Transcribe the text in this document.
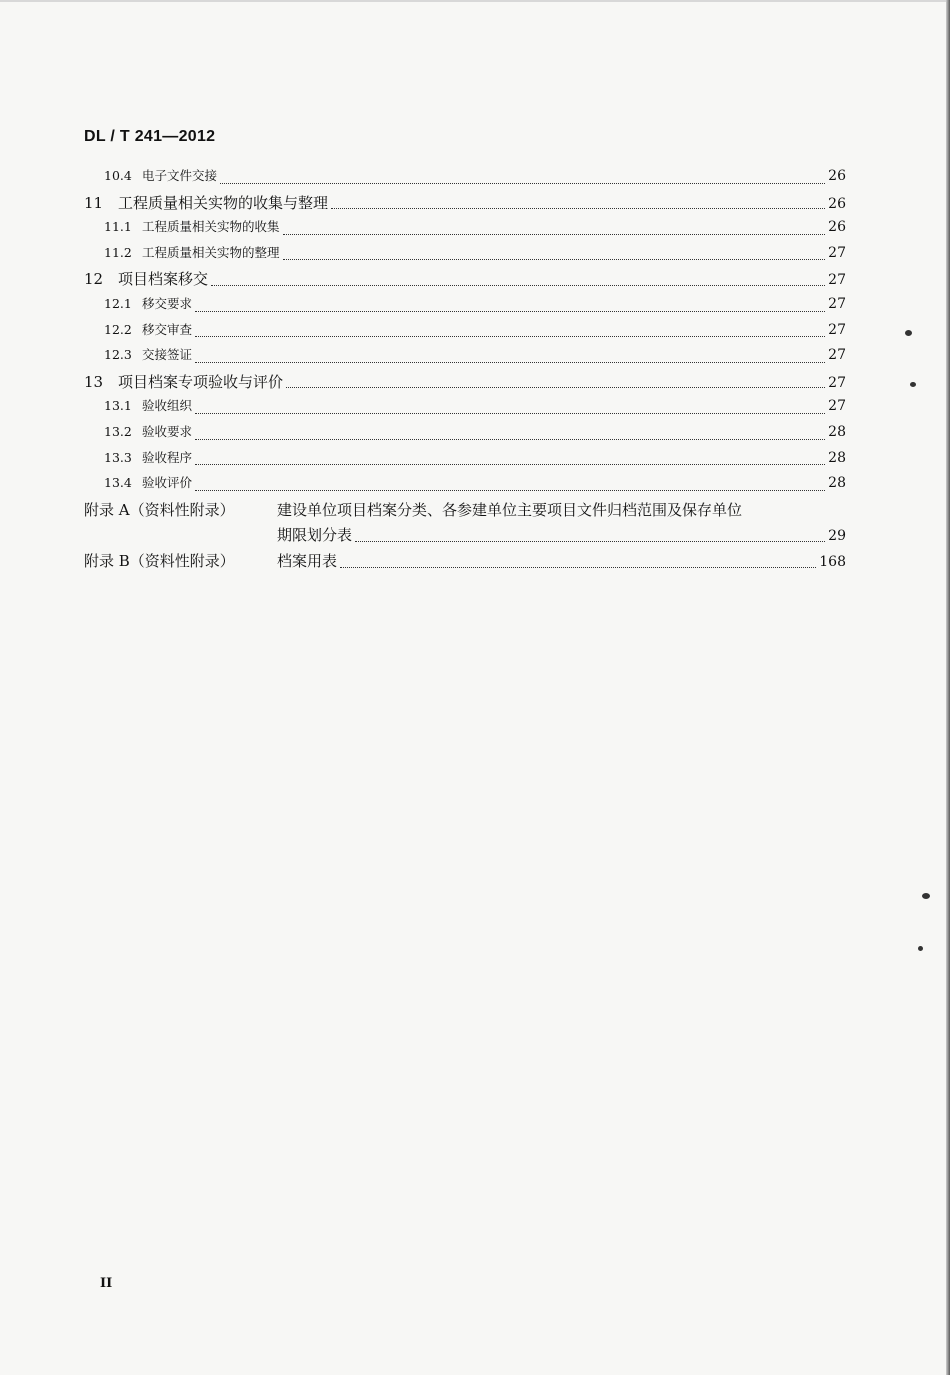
DL / T 241—2012
10.4 电子文件交接	26
11 工程质量相关实物的收集与整理	26
11.1 工程质量相关实物的收集	26
11.2 工程质量相关实物的整理	27
12 项目档案移交	27
12.1 移交要求	27
12.2 移交审查	27
12.3 交接签证	27
13 项目档案专项验收与评价	27
13.1 验收组织	27
13.2 验收要求	28
13.3 验收程序	28
13.4 验收评价	28
附录 A（资料性附录）	建设单位项目档案分类、各参建单位主要项目文件归档范围及保存单位
期限划分表	29
附录 B（资料性附录）	档案用表	168
II
